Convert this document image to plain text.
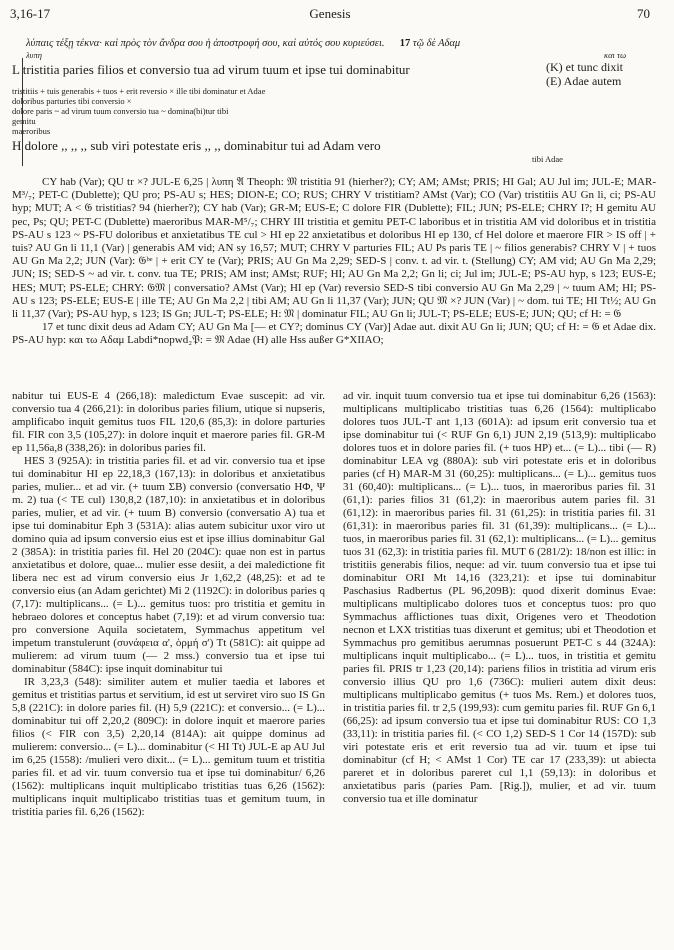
3,16-17	Genesis	70
λύπαις τέξῃ τέκνα· καὶ πρὸς τὸν ἄνδρα σου ἡ ἀποστροφή σου, καὶ αὐτός σου κυριεύσει. 17 τῷ δὲ Αδαμ
λυπη	και τω
L tristitia paries filios et conversio tua ad virum tuum et ipse tui dominabitur	(K) et tunc dixit
(E) Adae autem
tristitiis + tuis generabis + tuos + erit reversio × ille tibi dominatur et Adae
doloribus parturies tibi conversio ×
dolore paris ~ ad virum tuum conversio tua ~ domina(bi)tur tibi
gemitu
maeroribus
H dolore ,, ,, ,, sub viri potestate eris ,, ,, dominabitur tui ad Adam vero
tibi Adae

CY hab (Var); QU tr ×? JUL-E 6,25 | λυπη 𝔄 Theoph: 𝔐 tristitia 91 (hierher?); CY; AM; AMst; PRIS; HI Gal; AU Jul im; JUL-E; MAR-M³/₇; PET-C (Dublette); QU pro; PS-AU s; HES; DION-E; CO; RUS; CHRY V tristitiam? AMst (Var); CO (Var) tristitiis AU Gn li, ci; PS-AU hyp; MUT; A < 𝔊 tristitias? 94 (hierher?); CY hab (Var); GR-M; EUS-E; C dolore FIR (Dublette); FIL; JUN; PS-ELE; CHRY I?; H gemitu AU pec, Ps; QU; PET-C (Dublette) maeroribus MAR-M⁵/₇; CHRY III tristitia et gemitu PET-C laboribus et in tristitia AM vid doloribus et in tristitia PS-AU s 123 ~ PS-FU doloribus et anxietatibus TE cul > HI ep 22 anxietatibus et doloribus HI ep 130, cf Hel dolore et maerore FIR > IS off | + tuis? AU Gn li 11,1 (Var) | generabis AM vid; AN sy 16,57; MUT; CHRY V parturies FIL; AU Ps paris TE | ~ filios generabis? CHRY V | + tuos AU Gn Ma 2,2; JUN (Var): 𝔊ᵇᵉ | + erit CY te (Var); PRIS; AU Gn Ma 2,29; SED-S | conv. t. ad vir. t. (Stellung) CY; AM vid; AU Gn Ma 2,29; JUN; IS; SED-S ~ ad vir. t. conv. tua TE; PRIS; AM inst; AMst; RUF; HI; AU Gn Ma 2,2; Gn li; ci; Jul im; JUL-E; PS-AU hyp, s 123; EUS-E; HES; MUT; PS-ELE; CHRY: 𝔊𝔐 | conversatio? AMst (Var); HI ep (Var) reversio SED-S tibi conversio AU Gn Ma 2,29 | ~ tuum AM; HI; PS-AU s 123; PS-ELE; EUS-E | ille TE; AU Gn Ma 2,2 | tibi AM; AU Gn li 11,37 (Var); JUN; QU 𝔐 ×? JUN (Var) | ~ dom. tui TE; HI Tt½; AU Gn li 11,37 (Var); PS-AU hyp, s 123; IS Gn; JUL-T; PS-ELE; H: 𝔐 | dominatur FIL; AU Gn li; JUL-T; PS-ELE; EUS-E; JUN; QU; cf H: = 𝔊

17 et tunc dixit deus ad Adam CY; AU Gn Ma [— et CY?; dominus CY (Var)] Adae aut. dixit AU Gn li; JUN; QU; cf H: = 𝔊 et Adae dix. PS-AU hyp: και τω Αδαμ Labdi*nopwd₂𝔓: = 𝔐 Adae (H) alle Hss außer G*XIIAO;

nabitur tui EUS-E 4 (266,18): maledictum Evae suscepit: ad vir. conversio tua 4 (266,21): in doloribus paries filium, utique si nupseris, amplificabo inquit gemitus tuos FIL 120,6 (85,3): in dolore parturies fil. FIR con 3,5 (105,27): in dolore inquit et maerore paries fil. GR-M ep 11,56a,8 (338,26): in doloribus paries fil.

HES 3 (925A): in tristitia paries fil. et ad vir. conversio tua et ipse tui dominabitur HI ep 22,18,3 (167,13): in doloribus et anxietatibus paries, mulier... et ad vir. (+ tuum ΣB) conversio (conversatio HΦ, Ψ m. 2) tua (< TE cul) 130,8,2 (187,10): in anxietatibus et in doloribus paries, mulier, et ad vir. (+ tuum B) conversio (conversatio A) tua et ipse tui dominabitur Eph 3 (531A): alias autem subicitur uxor viro ut domino quia ad ipsum conversio eius est et ipse illius dominabitur Gal 2 (385A): in tristitia paries fil. Hel 20 (204C): quae non est in partus anxietatibus et dolore, quae... mulier esse desiit, a dei maledictione fit libera nec est ad virum conversio eius Jr 1,62,2 (48,25): et ad te conversio eius (an Adam gerichtet) Mi 2 (1192C): in doloribus paries q (7,17): multiplicans... (= L)... gemitus tuos: pro tristitia et gemitu in hebraeo dolores et conceptus habet (7,19): et ad virum conversio tua: pro conversione Aquila societatem, Symmachus appetitum vel impetum transtulerunt (συνάφεια α', ὁρμή σ') Tt (581C): ait quippe ad mulierem: ad virum tuum (— 2 mss.) conversio tua et ipse tui dominabitur (584C): ipse inquit dominabitur tui

IR 3,23,3 (548): similiter autem et mulier taedia et labores et gemitus et tristitias partus et servitium, id est ut serviret viro suo IS Gn 5,8 (221C): in dolore paries fil. (H) 5,9 (221C): et conversio... (= L)... dominabitur tui off 2,20,2 (809C): in dolore inquit et maerore paries filios (< FIR con 3,5) 2,20,14 (814A): ait quippe dominus ad mulierem: conversio... (= L)... dominabitur (< HI Tt) JUL-E ap AU Jul im 6,25 (1558): /mulieri vero dixit... (= L)... gemitum tuum et tristitia paries fil. et ad vir. tuum conversio tua et ipse tui dominabitur/ 6,26 (1562): multiplicans inquit multiplicabo tristitias tuas 6,26 (1562): multiplicans inquit multiplicabo tristitias tuas et gemitum tuum, in tristitia paries fil. 6,26 (1562):

ad vir. inquit tuum conversio tua et ipse tui dominabitur 6,26 (1563): multiplicans multiplicabo tristitias tuas 6,26 (1564): multiplicabo dolores tuos JUL-T ant 1,13 (601A): ad ipsum erit conversio tua et ipse dominabitur tui (< RUF Gn 6,1) JUN 2,19 (513,9): multiplicabo dolores tuos et in dolore paries fil. (+ tuos HP) et... (= L)... tibi (— R) dominabitur LEA vg (880A): sub viri potestate eris et in doloribus paries (cf H) MAR-M 31 (60,25): multiplicans... (= L)... gemitus tuos 31 (60,40): multiplicans... (= L)... tuos, in maeroribus paries fil. 31 (61,1): paries filios 31 (61,2): in maeroribus autem paries fil. 31 (61,12): in maeroribus paries fil. 31 (61,25): in tristitia paries fil. 31 (61,31): in maeroribus paries fil. 31 (61,39): multiplicans... (= L)... tuos, in maeroribus paries fil. 31 (62,1): multiplicans... (= L)... gemitus tuos 31 (62,3): in tristitia paries fil. MUT 6 (281/2): 18/non est illic: in tristitiis generabis filios, neque: ad vir. tuum conversio tua et ipse tui dominabitur ORI Mt 14,16 (323,21): et ipse tui dominabitur Paschasius Radbertus (PL 96,209B): quod dixerit dominus Evae: multiplicans multiplicabo dolores tuos et conceptus tuos: pro quo Symmachus afflictiones tuas dixit, Origenes vero et Theodotion necnon et LXX tristitias tuas dixerunt et gemitus; ubi et Theodotion et Symmachus pro gemitibus aerumnas posuerunt PET-C s 44 (324A): multiplicans inquit multiplicabo... (= L)... tuos, in tristitia et gemitu paries fil. PRIS tr 1,23 (20,14): pariens filios in tristitia ad virum eris conversio illius QU pro 1,6 (736C): mulieri autem dixit deus: multiplicans multiplicabo gemitus (+ tuos Ms. Rem.) et dolores tuos, in tristitia paries fil. tr 2,5 (199,93): cum gemitu paries fil. RUF Gn 6,1 (66,25): ad ipsum conversio tua et ipse tui dominabitur RUS: CO 1,3 (33,11): in tristitia paries fil. (< CO 1,2) SED-S 1 Cor 14 (157D): sub viri potestate eris et erit reversio tua ad vir. tuum et ipse tui dominabitur (cf H; < AMst 1 Cor) TE car 17 (233,39): ut abiecta pareret et in doloribus pareret cul 1,1 (59,13): in doloribus et anxietatibus paris (paries Pam. [Rig.]), mulier, et ad vir. tuum conversio tua et ille dominatur
